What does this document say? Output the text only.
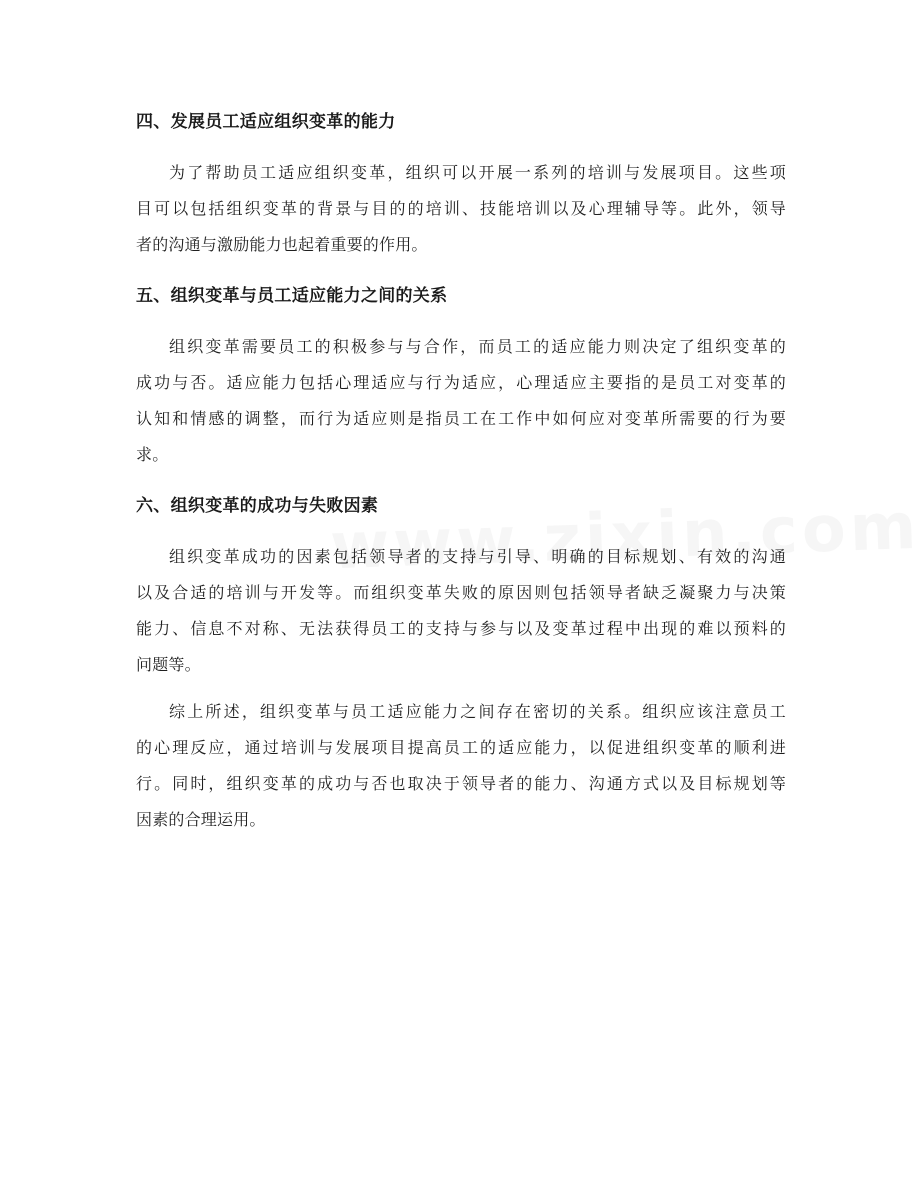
四、发展员工适应组织变革的能力
为了帮助员工适应组织变革，组织可以开展一系列的培训与发展项目。这些项
目可以包括组织变革的背景与目的的培训、技能培训以及心理辅导等。此外，领导
者的沟通与激励能力也起着重要的作用。
五、组织变革与员工适应能力之间的关系
组织变革需要员工的积极参与与合作，而员工的适应能力则决定了组织变革的
成功与否。适应能力包括心理适应与行为适应，心理适应主要指的是员工对变革的
认知和情感的调整，而行为适应则是指员工在工作中如何应对变革所需要的行为要
求。
六、组织变革的成功与失败因素
组织变革成功的因素包括领导者的支持与引导、明确的目标规划、有效的沟通
以及合适的培训与开发等。而组织变革失败的原因则包括领导者缺乏凝聚力与决策
能力、信息不对称、无法获得员工的支持与参与以及变革过程中出现的难以预料的
问题等。
综上所述，组织变革与员工适应能力之间存在密切的关系。组织应该注意员工
的心理反应，通过培训与发展项目提高员工的适应能力，以促进组织变革的顺利进
行。同时，组织变革的成功与否也取决于领导者的能力、沟通方式以及目标规划等
因素的合理运用。
